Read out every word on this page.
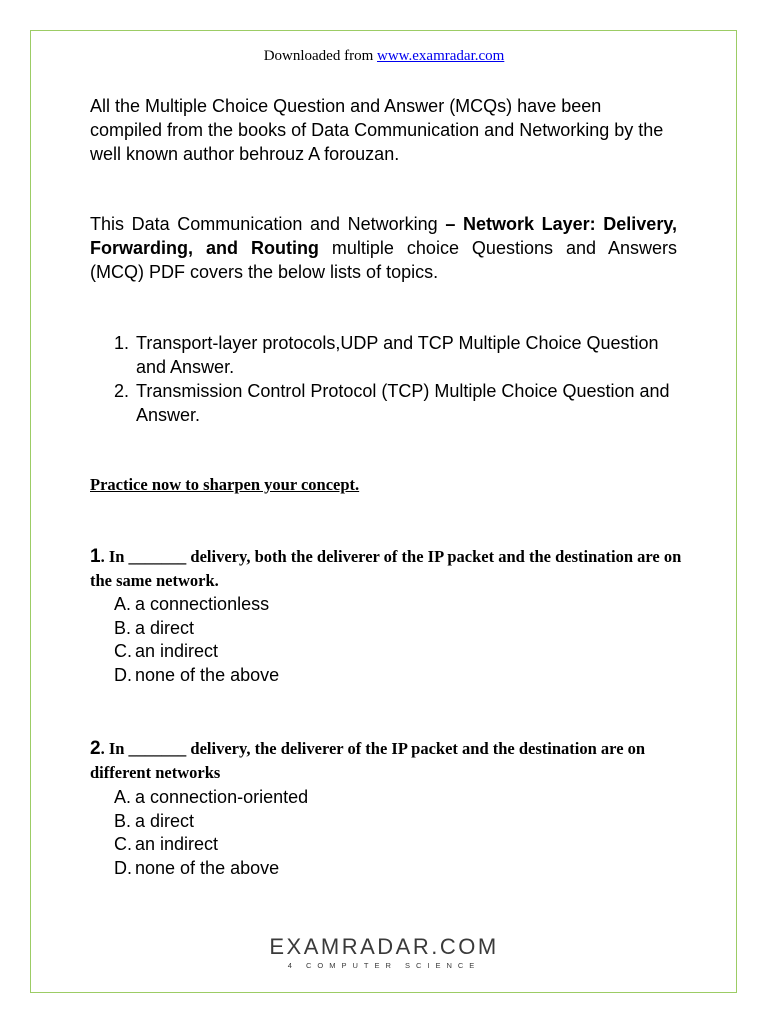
Downloaded from www.examradar.com

All the Multiple Choice Question and Answer (MCQs) have been compiled from the books of Data Communication and Networking by the well known author behrouz A forouzan.

This Data Communication and Networking – Network Layer: Delivery, Forwarding, and Routing multiple choice Questions and Answers (MCQ) PDF covers the below lists of topics.

1. Transport-layer protocols,UDP and TCP Multiple Choice Question and Answer.
2. Transmission Control Protocol (TCP) Multiple Choice Question and Answer.

Practice now to sharpen your concept.

1. In _______ delivery, both the deliverer of the IP packet and the destination are on the same network.

A. a connectionless
B. a direct
C. an indirect
D. none of the above

2. In _______ delivery, the deliverer of the IP packet and the destination are on different networks

A. a connection-oriented
B. a direct
C. an indirect
D. none of the above
EXAMRADAR.COM
4 COMPUTER SCIENCE
